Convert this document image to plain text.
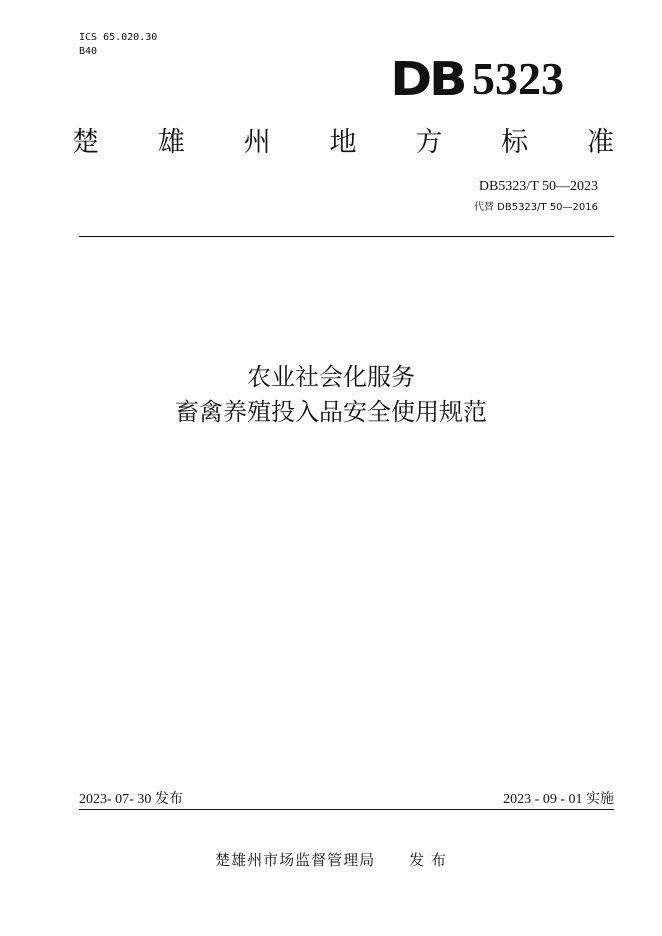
ICS 65.020.30
B40
DB 5323
楚 雄 州 地 方 标 准
DB5323/T 50—2023
代替 DB5323/T 50—2016
农业社会化服务
畜禽养殖投入品安全使用规范
2023- 07- 30 发布	2023 - 09 - 01 实施
楚雄州市场监督管理局 发 布
